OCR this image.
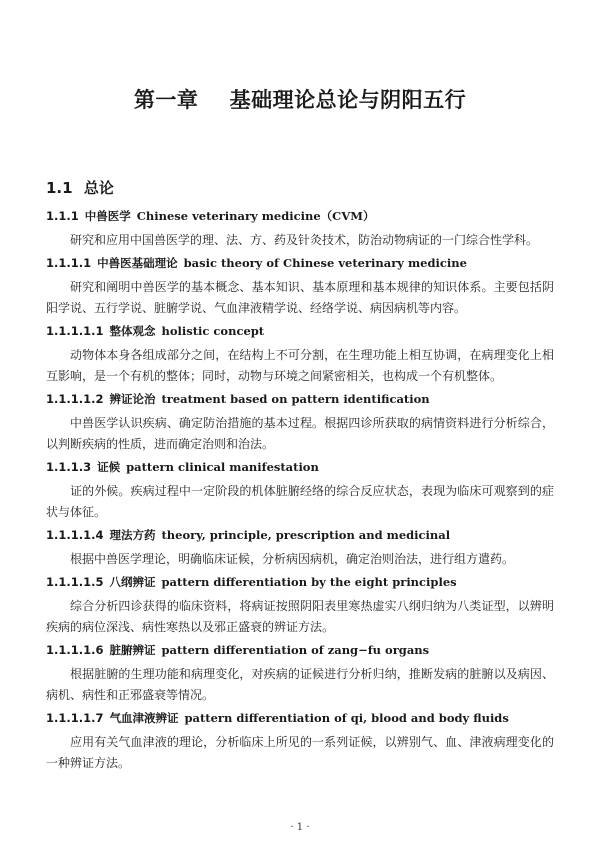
第一章    基础理论总论与阴阳五行
1.1 总论
1.1.1 中兽医学 Chinese veterinary medicine（CVM）

研究和应用中国兽医学的理、法、方、药及针灸技术，防治动物病证的一门综合性学科。

1.1.1.1 中兽医基础理论 basic theory of Chinese veterinary medicine

研究和阐明中兽医学的基本概念、基本知识、基本原理和基本规律的知识体系。主要包括阴阳学说、五行学说、脏腑学说、气血津液精学说、经络学说、病因病机等内容。

1.1.1.1.1 整体观念 holistic concept

动物体本身各组成部分之间，在结构上不可分割，在生理功能上相互协调，在病理变化上相互影响，是一个有机的整体；同时，动物与环境之间紧密相关，也构成一个有机整体。

1.1.1.1.2 辨证论治 treatment based on pattern identification

中兽医学认识疾病、确定防治措施的基本过程。根据四诊所获取的病情资料进行分析综合，以判断疾病的性质，进而确定治则和治法。

1.1.1.3 证候 pattern clinical manifestation

证的外候。疾病过程中一定阶段的机体脏腑经络的综合反应状态，表现为临床可观察到的症状与体征。

1.1.1.1.4 理法方药 theory, principle, prescription and medicinal

根据中兽医学理论，明确临床证候，分析病因病机，确定治则治法，进行组方遣药。

1.1.1.1.5 八纲辨证 pattern differentiation by the eight principles

综合分析四诊获得的临床资料，将病证按照阴阳表里寒热虚实八纲归纳为八类证型，以辨明疾病的病位深浅、病性寒热以及邪正盛衰的辨证方法。

1.1.1.1.6 脏腑辨证 pattern differentiation of zang−fu organs

根据脏腑的生理功能和病理变化，对疾病的证候进行分析归纳，推断发病的脏腑以及病因、病机、病性和正邪盛衰等情况。

1.1.1.1.7 气血津液辨证 pattern differentiation of qi, blood and body fluids

应用有关气血津液的理论，分析临床上所见的一系列证候，以辨别气、血、津液病理变化的一种辨证方法。

· 1 ·
